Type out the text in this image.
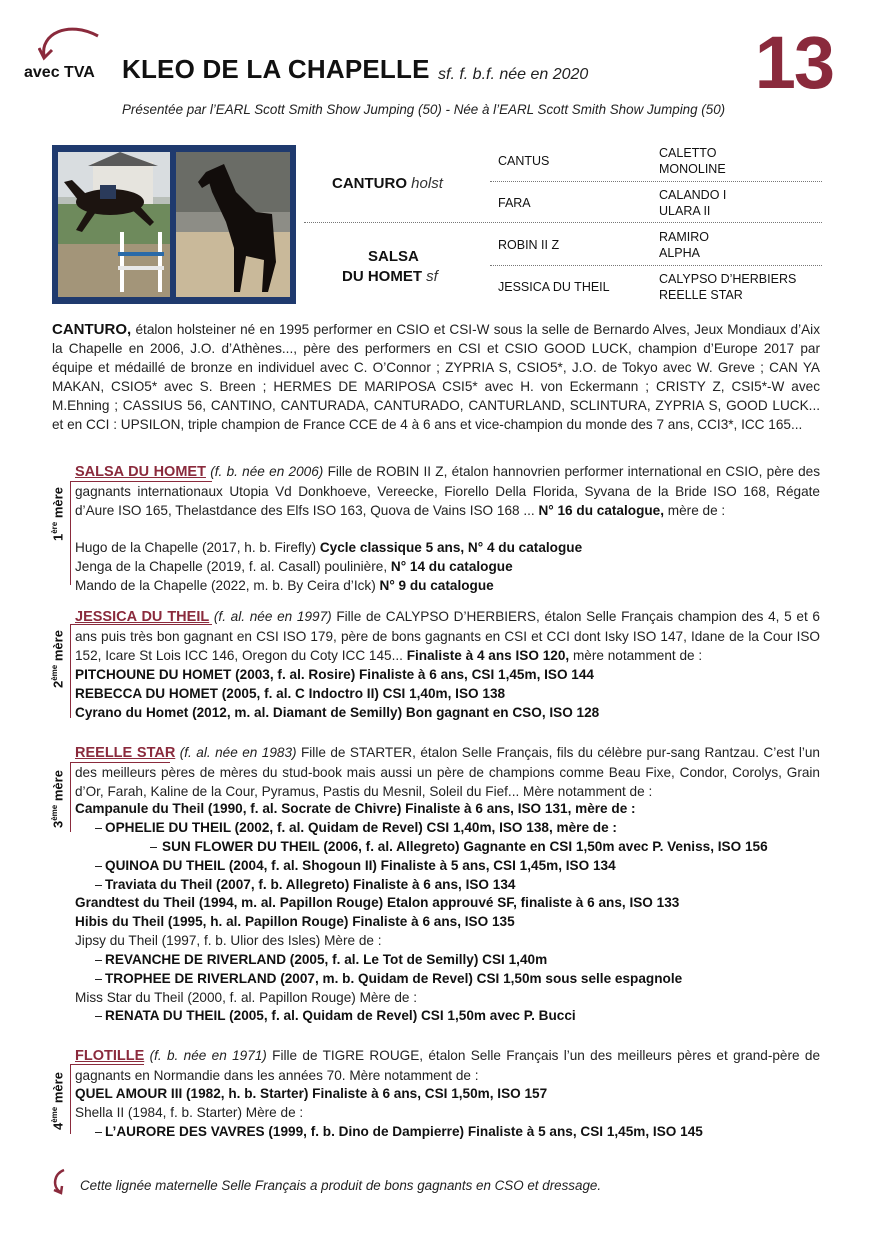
avec TVA KLEO DE LA CHAPELLE sf. f. b.f. née en 2020 13
Présentée par l’EARL Scott Smith Show Jumping (50) - Née à l’EARL Scott Smith Show Jumping (50)
CANTURO holst
SALSA
DU HOMET sf
CANTUS
FARA
ROBIN II Z
JESSICA DU THEIL
CALETTO
MONOLINE
CALANDO I
ULARA II
RAMIRO
ALPHA
CALYPSO D’HERBIERS
REELLE STAR
CANTURO, étalon holsteiner né en 1995 performer en CSIO et CSI-W sous la selle de Bernardo Alves, Jeux Mondiaux d’Aix la Chapelle en 2006, J.O. d’Athènes..., père des performers en CSI et CSIO GOOD LUCK, champion d’Europe 2017 par équipe et médaillé de bronze en individuel avec C. O’Connor ; ZYPRIA S, CSIO5*, J.O. de Tokyo avec W. Greve ; CAN YA MAKAN, CSIO5* avec S. Breen ; HERMES DE MARIPOSA CSI5* avec H. von Eckermann ; CRISTY Z, CSI5*-W avec M.Ehning ; CASSIUS 56, CANTINO, CANTURADA, CANTURADO, CANTURLAND, SCLINTURA, ZYPRIA S, GOOD LUCK... et en CCI : UPSILON, triple champion de France CCE de 4 à 6 ans et vice-champion du monde des 7 ans, CCI3*, ICC 165...
1ère mère
SALSA DU HOMET (f. b. née en 2006) Fille de ROBIN II Z, étalon hannovrien performer international en CSIO, père des gagnants internationaux Utopia Vd Donkhoeve, Vereecke, Fiorello Della Florida, Syvana de la Bride ISO 168, Régate d’Aure ISO 165, Thelastdance des Elfs ISO 163, Quova de Vains ISO 168 ... N° 16 du catalogue, mère de :
Hugo de la Chapelle (2017, h. b. Firefly) Cycle classique 5 ans, N° 4 du catalogue
Jenga de la Chapelle (2019, f. al. Casall) poulinière, N° 14 du catalogue
Mando de la Chapelle (2022, m. b. By Ceira d’Ick) N° 9 du catalogue
2ème mère
JESSICA DU THEIL (f. al. née en 1997) Fille de CALYPSO D’HERBIERS, étalon Selle Français champion des 4, 5 et 6 ans puis très bon gagnant en CSI ISO 179, père de bons gagnants en CSI et CCI dont Isky ISO 147, Idane de la Cour ISO 152, Icare St Lois ICC 146, Oregon du Coty ICC 145... Finaliste à 4 ans ISO 120, mère notamment de :
PITCHOUNE DU HOMET (2003, f. al. Rosire) Finaliste à 6 ans, CSI 1,45m, ISO 144
REBECCA DU HOMET (2005, f. al. C Indoctro II) CSI 1,40m, ISO 138
Cyrano du Homet (2012, m. al. Diamant de Semilly) Bon gagnant en CSO, ISO 128
3ème mère
REELLE STAR (f. al. née en 1983) Fille de STARTER, étalon Selle Français, fils du célèbre pur-sang Rantzau. C’est l’un des meilleurs pères de mères du stud-book mais aussi un père de champions comme Beau Fixe, Condor, Corolys, Grain d’Or, Farah, Kaline de la Cour, Pyramus, Pastis du Mesnil, Soleil du Fief... Mère notamment de :
Campanule du Theil (1990, f. al. Socrate de Chivre) Finaliste à 6 ans, ISO 131, mère de :
OPHELIE DU THEIL (2002, f. al. Quidam de Revel) CSI 1,40m, ISO 138, mère de :
SUN FLOWER DU THEIL (2006, f. al. Allegreto) Gagnante en CSI 1,50m avec P. Veniss, ISO 156
QUINOA DU THEIL (2004, f. al. Shogoun II) Finaliste à 5 ans, CSI 1,45m, ISO 134
Traviata du Theil (2007, f. b. Allegreto) Finaliste à 6 ans, ISO 134
Grandtest du Theil (1994, m. al. Papillon Rouge) Etalon approuvé SF, finaliste à 6 ans, ISO 133
Hibis du Theil (1995, h. al. Papillon Rouge) Finaliste à 6 ans, ISO 135
Jipsy du Theil (1997, f. b. Ulior des Isles) Mère de :
REVANCHE DE RIVERLAND (2005, f. al. Le Tot de Semilly) CSI 1,40m
TROPHEE DE RIVERLAND (2007, m. b. Quidam de Revel) CSI 1,50m sous selle espagnole
Miss Star du Theil (2000, f. al. Papillon Rouge) Mère de :
RENATA DU THEIL (2005, f. al. Quidam de Revel) CSI 1,50m avec P. Bucci
4ème mère
FLOTILLE (f. b. née en 1971) Fille de TIGRE ROUGE, étalon Selle Français l’un des meilleurs pères et grand-père de gagnants en Normandie dans les années 70. Mère notamment de :
QUEL AMOUR III (1982, h. b. Starter) Finaliste à 6 ans, CSI 1,50m, ISO 157
Shella II (1984, f. b. Starter) Mère de :
L’AURORE DES VAVRES (1999, f. b. Dino de Dampierre) Finaliste à 5 ans, CSI 1,45m, ISO 145
Cette lignée maternelle Selle Français a produit de bons gagnants en CSO et dressage.
